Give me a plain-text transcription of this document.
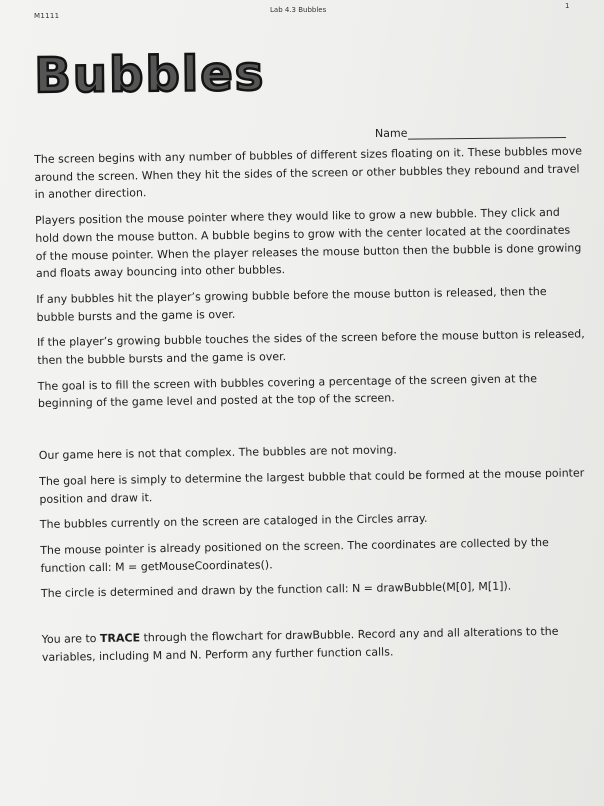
M1111
Lab 4.3 Bubbles	1
Bubbles
Name

The screen begins with any number of bubbles of different sizes floating on it. These bubbles move around the screen. When they hit the sides of the screen or other bubbles they rebound and travel in another direction.

Players position the mouse pointer where they would like to grow a new bubble. They click and hold down the mouse button. A bubble begins to grow with the center located at the coordinates of the mouse pointer. When the player releases the mouse button then the bubble is done growing and floats away bouncing into other bubbles.

If any bubbles hit the player’s growing bubble before the mouse button is released, then the bubble bursts and the game is over.

If the player’s growing bubble touches the sides of the screen before the mouse button is released, then the bubble bursts and the game is over.

The goal is to fill the screen with bubbles covering a percentage of the screen given at the beginning of the game level and posted at the top of the screen.

Our game here is not that complex. The bubbles are not moving.

The goal here is simply to determine the largest bubble that could be formed at the mouse pointer position and draw it.

The bubbles currently on the screen are cataloged in the Circles array.

The mouse pointer is already positioned on the screen. The coordinates are collected by the function call: M = getMouseCoordinates().

The circle is determined and drawn by the function call: N = drawBubble(M[0], M[1]).

You are to TRACE through the flowchart for drawBubble. Record any and all alterations to the variables, including M and N. Perform any further function calls.
